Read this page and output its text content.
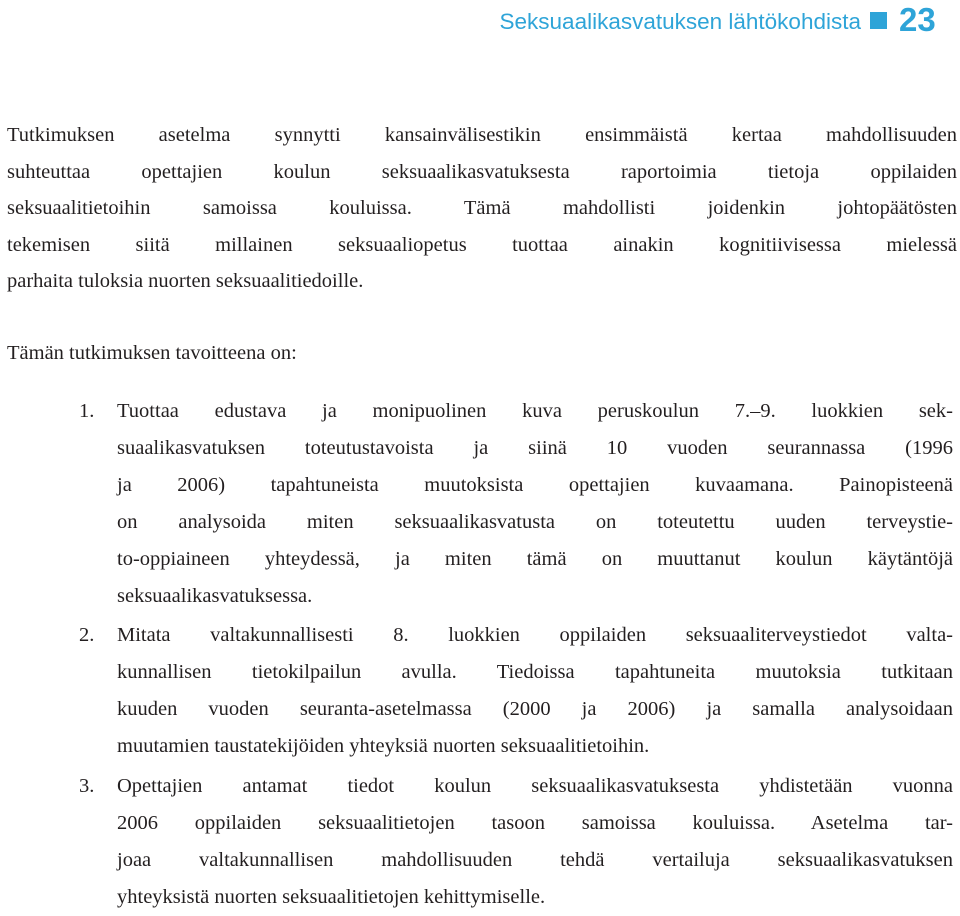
Seksuaalikasvatuksen lähtökohdista 23
Tutkimuksen asetelma synnytti kansainvälisestikin ensimmäistä kertaa mahdollisuuden
suhteuttaa opettajien koulun seksuaalikasvatuksesta raportoimia tietoja oppilaiden
seksuaalitietoihin samoissa kouluissa. Tämä mahdollisti joidenkin johtopäätösten
tekemisen siitä millainen seksuaaliopetus tuottaa ainakin kognitiivisessa mielessä
parhaita tuloksia nuorten seksuaalitiedoille.
Tämän tutkimuksen tavoitteena on:
1.	Tuottaa edustava ja monipuolinen kuva peruskoulun 7.–9. luokkien sek-
suaalikasvatuksen toteutustavoista ja siinä 10 vuoden seurannassa (1996
ja 2006) tapahtuneista muutoksista opettajien kuvaamana. Painopisteenä
on analysoida miten seksuaalikasvatusta on toteutettu uuden terveystie-
to-oppiaineen yhteydessä, ja miten tämä on muuttanut koulun käytäntöjä
seksuaalikasvatuksessa.
2.	Mitata valtakunnallisesti 8. luokkien oppilaiden seksuaaliterveystiedot valta-
kunnallisen tietokilpailun avulla. Tiedoissa tapahtuneita muutoksia tutkitaan
kuuden vuoden seuranta-asetelmassa (2000 ja 2006) ja samalla analysoidaan
muutamien taustatekijöiden yhteyksiä nuorten seksuaalitietoihin.
3.	Opettajien antamat tiedot koulun seksuaalikasvatuksesta yhdistetään vuonna
2006 oppilaiden seksuaalitietojen tasoon samoissa kouluissa. Asetelma tar-
joaa valtakunnallisen mahdollisuuden tehdä vertailuja seksuaalikasvatuksen
yhteyksistä nuorten seksuaalitietojen kehittymiselle.
